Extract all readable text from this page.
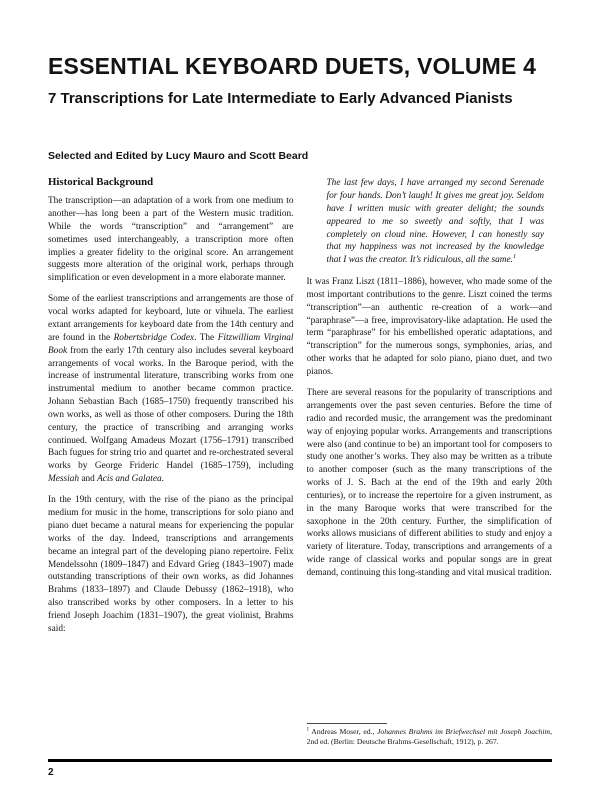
ESSENTIAL KEYBOARD DUETS, VOLUME 4
7 Transcriptions for Late Intermediate to Early Advanced Pianists
Selected and Edited by Lucy Mauro and Scott Beard
Historical Background

The transcription—an adaptation of a work from one medium to another—has long been a part of the Western music tradition. While the words “transcription” and “arrangement” are sometimes used interchangeably, a transcription more often implies a greater fidelity to the original score. An arrangement suggests more alteration of the original work, perhaps through simplification or even development in a more elaborate manner.

Some of the earliest transcriptions and arrangements are those of vocal works adapted for keyboard, lute or vihuela. The earliest extant arrangements for keyboard date from the 14th century and are found in the Robertsbridge Codex. The Fitzwilliam Virginal Book from the early 17th century also includes several keyboard arrangements of vocal works. In the Baroque period, with the increase of instrumental literature, transcribing works from one instrumental medium to another became common practice. Johann Sebastian Bach (1685–1750) frequently transcribed his own works, as well as those of other composers. During the 18th century, the practice of transcribing and arranging works continued. Wolfgang Amadeus Mozart (1756–1791) transcribed Bach fugues for string trio and quartet and re-orchestrated several works by George Frideric Handel (1685–1759), including Messiah and Acis and Galatea.

In the 19th century, with the rise of the piano as the principal medium for music in the home, transcriptions for solo piano and piano duet became a natural means for experiencing the popular works of the day. Indeed, transcriptions and arrangements became an integral part of the developing piano repertoire. Felix Mendelssohn (1809–1847) and Edvard Grieg (1843–1907) made outstanding transcriptions of their own works, as did Johannes Brahms (1833–1897) and Claude Debussy (1862–1918), who also transcribed works by other composers. In a letter to his friend Joseph Joachim (1831–1907), the great violinist, Brahms said:

The last few days, I have arranged my second Serenade for four hands. Don’t laugh! It gives me great joy. Seldom have I written music with greater delight; the sounds appeared to me so sweetly and softly, that I was completely on cloud nine. However, I can honestly say that my happiness was not increased by the knowledge that I was the creator. It’s ridiculous, all the same.$^1$

It was Franz Liszt (1811–1886), however, who made some of the most important contributions to the genre. Liszt coined the terms “transcription”—an authentic re-creation of a work—and “paraphrase”—a free, improvisatory-like adaptation. He used the term “paraphrase” for his embellished operatic adaptations, and “transcription” for the numerous songs, symphonies, arias, and other works that he adapted for solo piano, piano duet, and two pianos.

There are several reasons for the popularity of transcriptions and arrangements over the past seven centuries. Before the time of radio and recorded music, the arrangement was the predominant way of enjoying popular works. Arrangements and transcriptions were also (and continue to be) an important tool for composers to study one another’s works. They also may be written as a tribute to another composer (such as the many transcriptions of the works of J. S. Bach at the end of the 19th and early 20th centuries), or to increase the repertoire for a given instrument, as in the many Baroque works that were transcribed for the saxophone in the 20th century. Further, the simplification of works allows musicians of different abilities to study and enjoy a variety of literature. Today, transcriptions and arrangements of a wide range of classical works and popular songs are in great demand, continuing this long-standing and vital musical tradition.

$^1$ Andreas Moser, ed., Johannes Brahms im Briefwechsel mit Joseph Joachim, 2nd ed. (Berlin: Deutsche Brahms-Gesellschaft, 1912), p. 267.
2
